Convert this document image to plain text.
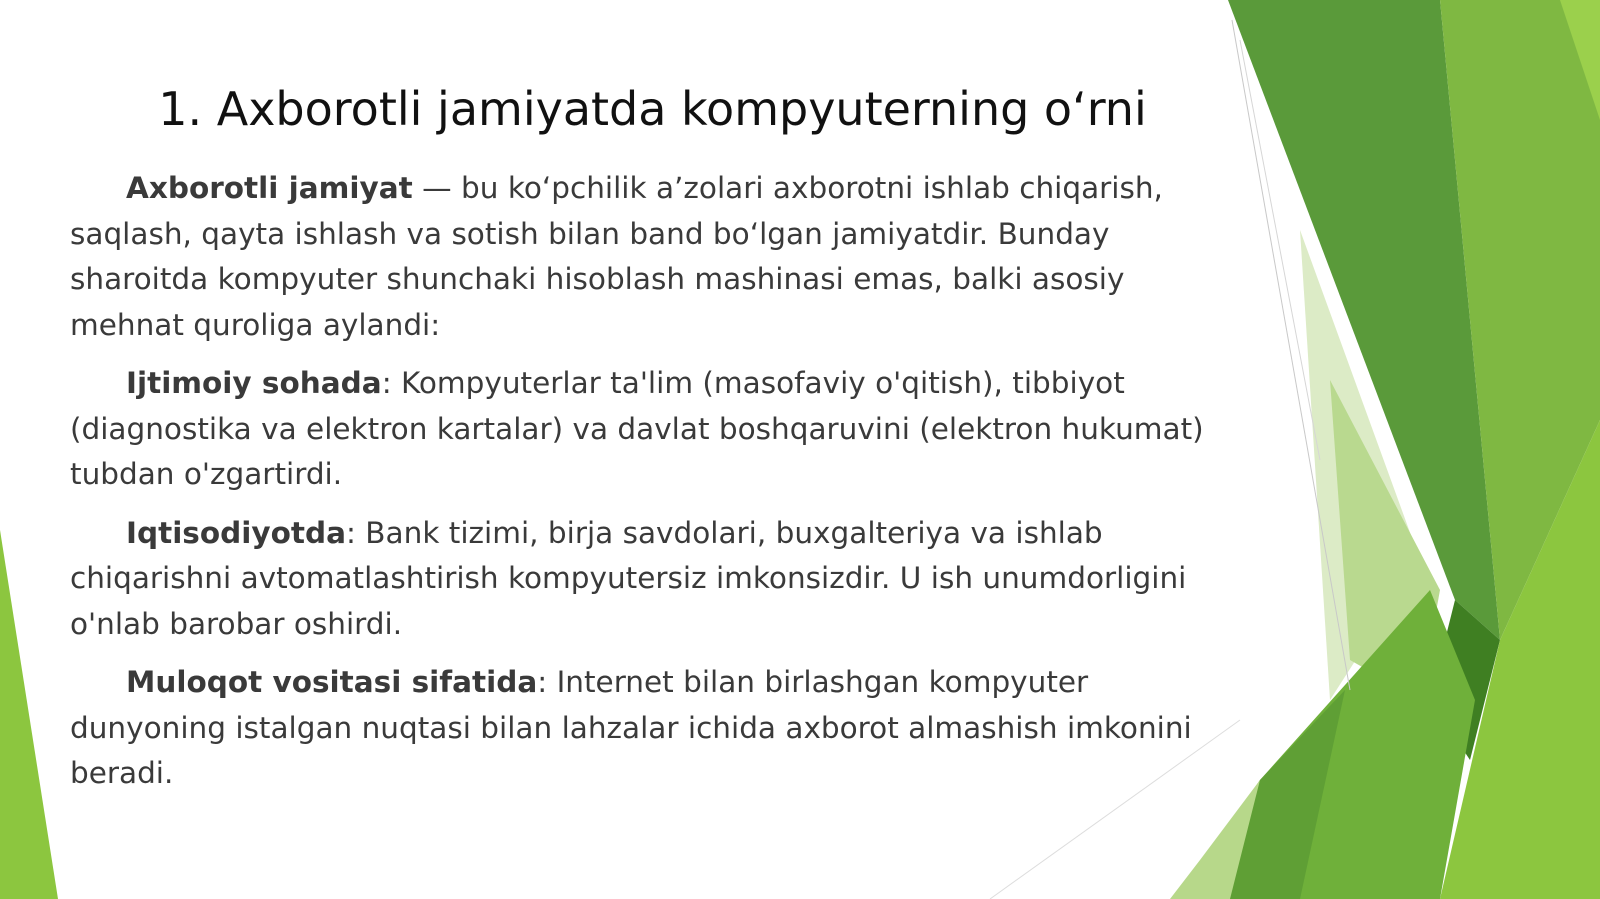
1. Axborotli jamiyatda kompyuterning oʻrni

Axborotli jamiyat — bu koʻpchilik aʼzolari axborotni ishlab chiqarish, saqlash, qayta ishlash va sotish bilan band boʻlgan jamiyatdir. Bunday sharoitda kompyuter shunchaki hisoblash mashinasi emas, balki asosiy mehnat quroliga aylandi:

Ijtimoiy sohada: Kompyuterlar ta'lim (masofaviy o'qitish), tibbiyot (diagnostika va elektron kartalar) va davlat boshqaruvini (elektron hukumat) tubdan o'zgartirdi.

Iqtisodiyotda: Bank tizimi, birja savdolari, buxgalteriya va ishlab chiqarishni avtomatlashtirish kompyutersiz imkonsizdir. U ish unumdorligini o'nlab barobar oshirdi.

Muloqot vositasi sifatida: Internet bilan birlashgan kompyuter dunyoning istalgan nuqtasi bilan lahzalar ichida axborot almashish imkonini beradi.
